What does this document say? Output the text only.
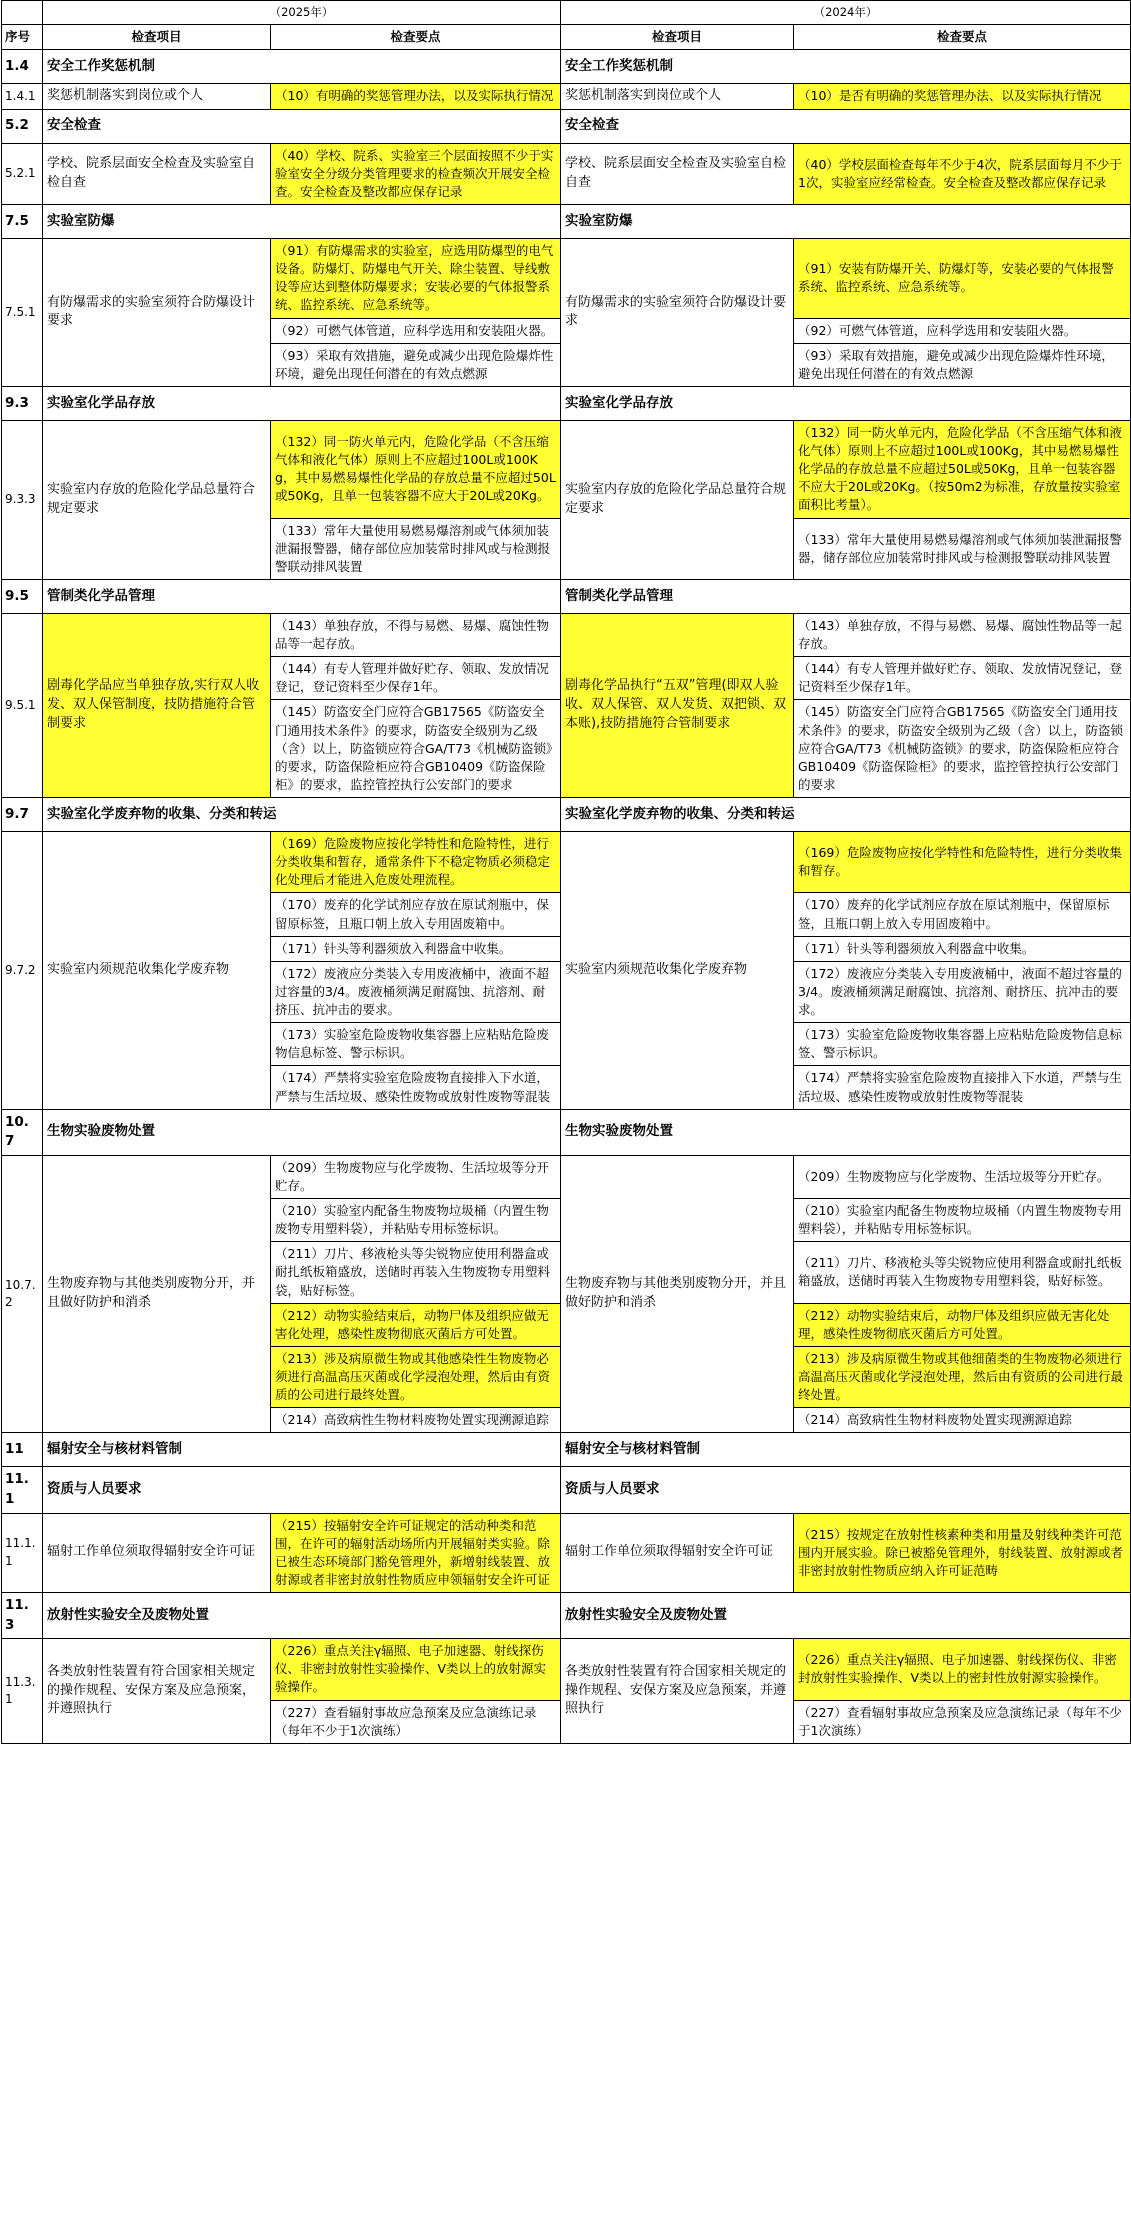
	（2025年）		（2024年）	
序号	检查项目	检查要点	检查项目	检查要点
1.4	安全工作奖惩机制		安全工作奖惩机制	
1.4.1	奖惩机制落实到岗位或个人	（10）有明确的奖惩管理办法，以及实际执行情况	奖惩机制落实到岗位或个人	（10）是否有明确的奖惩管理办法、以及实际执行情况
5.2	安全检查		安全检查	
5.2.1	学校、院系层面安全检查及实验室自检自查	（40）学校、院系、实验室三个层面按照不少于实验室安全分级分类管理要求的检查频次开展安全检查。安全检查及整改都应保存记录	学校、院系层面安全检查及实验室自检自查	（40）学校层面检查每年不少于4次，院系层面每月不少于1次，实验室应经常检查。安全检查及整改都应保存记录
7.5	实验室防爆		实验室防爆	
7.5.1	有防爆需求的实验室须符合防爆设计要求	（91）有防爆需求的实验室，应选用防爆型的电气设备。防爆灯、防爆电气开关、除尘装置、导线敷设等应达到整体防爆要求；安装必要的气体报警系统、监控系统、应急系统等。	有防爆需求的实验室须符合防爆设计要求	（91）安装有防爆开关、防爆灯等，安装必要的气体报警系统、监控系统、应急系统等。
		（92）可燃气体管道，应科学选用和安装阻火器。		（92）可燃气体管道，应科学选用和安装阻火器。
		（93）采取有效措施，避免或减少出现危险爆炸性环境，避免出现任何潜在的有效点燃源		（93）采取有效措施，避免或减少出现危险爆炸性环境，避免出现任何潜在的有效点燃源
9.3	实验室化学品存放		实验室化学品存放	
9.3.3	实验室内存放的危险化学品总量符合规定要求	（132）同一防火单元内，危险化学品（不含压缩气体和液化气体）原则上不应超过100L或100Kg，其中易燃易爆性化学品的存放总量不应超过50L或50Kg，且单一包装容器不应大于20L或20Kg。	实验室内存放的危险化学品总量符合规定要求	（132）同一防火单元内，危险化学品（不含压缩气体和液化气体）原则上不应超过100L或100Kg，其中易燃易爆性化学品的存放总量不应超过50L或50Kg，且单一包装容器不应大于20L或20Kg。（按50m2为标准，存放量按实验室面积比考量）。
		（133）常年大量使用易燃易爆溶剂或气体须加装泄漏报警器，储存部位应加装常时排风或与检测报警联动排风装置		（133）常年大量使用易燃易爆溶剂或气体须加装泄漏报警器，储存部位应加装常时排风或与检测报警联动排风装置
9.5	管制类化学品管理		管制类化学品管理	
9.5.1	剧毒化学品应当单独存放,实行双人收发、双人保管制度，技防措施符合管制要求	（143）单独存放，不得与易燃、易爆、腐蚀性物品等一起存放。	剧毒化学品执行“五双”管理(即双人验收、双人保管、双人发货、双把锁、双本账),技防措施符合管制要求	（143）单独存放，不得与易燃、易爆、腐蚀性物品等一起存放。
		（144）有专人管理并做好贮存、领取、发放情况登记，登记资料至少保存1年。		（144）有专人管理并做好贮存、领取、发放情况登记，登记资料至少保存1年。
		（145）防盗安全门应符合GB17565《防盗安全门通用技术条件》的要求，防盗安全级别为乙级（含）以上，防盗锁应符合GA/T73《机械防盗锁》的要求，防盗保险柜应符合GB10409《防盗保险柜》的要求，监控管控执行公安部门的要求		（145）防盗安全门应符合GB17565《防盗安全门通用技术条件》的要求，防盗安全级别为乙级（含）以上，防盗锁应符合GA/T73《机械防盗锁》的要求，防盗保险柜应符合GB10409《防盗保险柜》的要求，监控管控执行公安部门的要求
9.7	实验室化学废弃物的收集、分类和转运		实验室化学废弃物的收集、分类和转运	
9.7.2	实验室内须规范收集化学废弃物	（169）危险废物应按化学特性和危险特性，进行分类收集和暂存，通常条件下不稳定物质必须稳定化处理后才能进入危废处理流程。	实验室内须规范收集化学废弃物	（169）危险废物应按化学特性和危险特性，进行分类收集和暂存。
		（170）废弃的化学试剂应存放在原试剂瓶中，保留原标签，且瓶口朝上放入专用固废箱中。		（170）废弃的化学试剂应存放在原试剂瓶中，保留原标签，且瓶口朝上放入专用固废箱中。
		（171）针头等利器须放入利器盒中收集。		（171）针头等利器须放入利器盒中收集。
		（172）废液应分类装入专用废液桶中，液面不超过容量的3/4。废液桶须满足耐腐蚀、抗溶剂、耐挤压、抗冲击的要求。		（172）废液应分类装入专用废液桶中，液面不超过容量的3/4。废液桶须满足耐腐蚀、抗溶剂、耐挤压、抗冲击的要求。
		（173）实验室危险废物收集容器上应粘贴危险废物信息标签、警示标识。		（173）实验室危险废物收集容器上应粘贴危险废物信息标签、警示标识。
		（174）严禁将实验室危险废物直接排入下水道，严禁与生活垃圾、感染性废物或放射性废物等混装		（174）严禁将实验室危险废物直接排入下水道，严禁与生活垃圾、感染性废物或放射性废物等混装
10.7	生物实验废物处置		生物实验废物处置	
10.7.2	生物废弃物与其他类别废物分开，并且做好防护和消杀	（209）生物废物应与化学废物、生活垃圾等分开贮存。	生物废弃物与其他类别废物分开，并且做好防护和消杀	（209）生物废物应与化学废物、生活垃圾等分开贮存。
		（210）实验室内配备生物废物垃圾桶（内置生物废物专用塑料袋），并粘贴专用标签标识。		（210）实验室内配备生物废物垃圾桶（内置生物废物专用塑料袋），并粘贴专用标签标识。
		（211）刀片、移液枪头等尖锐物应使用利器盒或耐扎纸板箱盛放，送储时再装入生物废物专用塑料袋，贴好标签。		（211）刀片、移液枪头等尖锐物应使用利器盒或耐扎纸板箱盛放，送储时再装入生物废物专用塑料袋，贴好标签。
		（212）动物实验结束后，动物尸体及组织应做无害化处理，感染性废物彻底灭菌后方可处置。		（212）动物实验结束后，动物尸体及组织应做无害化处理，感染性废物彻底灭菌后方可处置。
		（213）涉及病原微生物或其他感染性生物废物必须进行高温高压灭菌或化学浸泡处理，然后由有资质的公司进行最终处置。		（213）涉及病原微生物或其他细菌类的生物废物必须进行高温高压灭菌或化学浸泡处理，然后由有资质的公司进行最终处置。
		（214）高致病性生物材料废物处置实现溯源追踪		（214）高致病性生物材料废物处置实现溯源追踪
11	辐射安全与核材料管制		辐射安全与核材料管制	
11.1	资质与人员要求		资质与人员要求	
11.1.1	辐射工作单位须取得辐射安全许可证	（215）按辐射安全许可证规定的活动种类和范围，在许可的辐射活动场所内开展辐射类实验。除已被生态环境部门豁免管理外，新增射线装置、放射源或者非密封放射性物质应申领辐射安全许可证	辐射工作单位须取得辐射安全许可证	（215）按规定在放射性核素种类和用量及射线种类许可范围内开展实验。除已被豁免管理外，射线装置、放射源或者非密封放射性物质应纳入许可证范畴
11.3	放射性实验安全及废物处置		放射性实验安全及废物处置	
11.3.1	各类放射性装置有符合国家相关规定的操作规程、安保方案及应急预案，并遵照执行	（226）重点关注γ辐照、电子加速器、射线探伤仪、非密封放射性实验操作、V类以上的放射源实验操作。	各类放射性装置有符合国家相关规定的操作规程、安保方案及应急预案，并遵照执行	（226）重点关注γ辐照、电子加速器、射线探伤仪、非密封放射性实验操作、V类以上的密封性放射源实验操作。
		（227）查看辐射事故应急预案及应急演练记录（每年不少于1次演练）		（227）查看辐射事故应急预案及应急演练记录（每年不少于1次演练）
